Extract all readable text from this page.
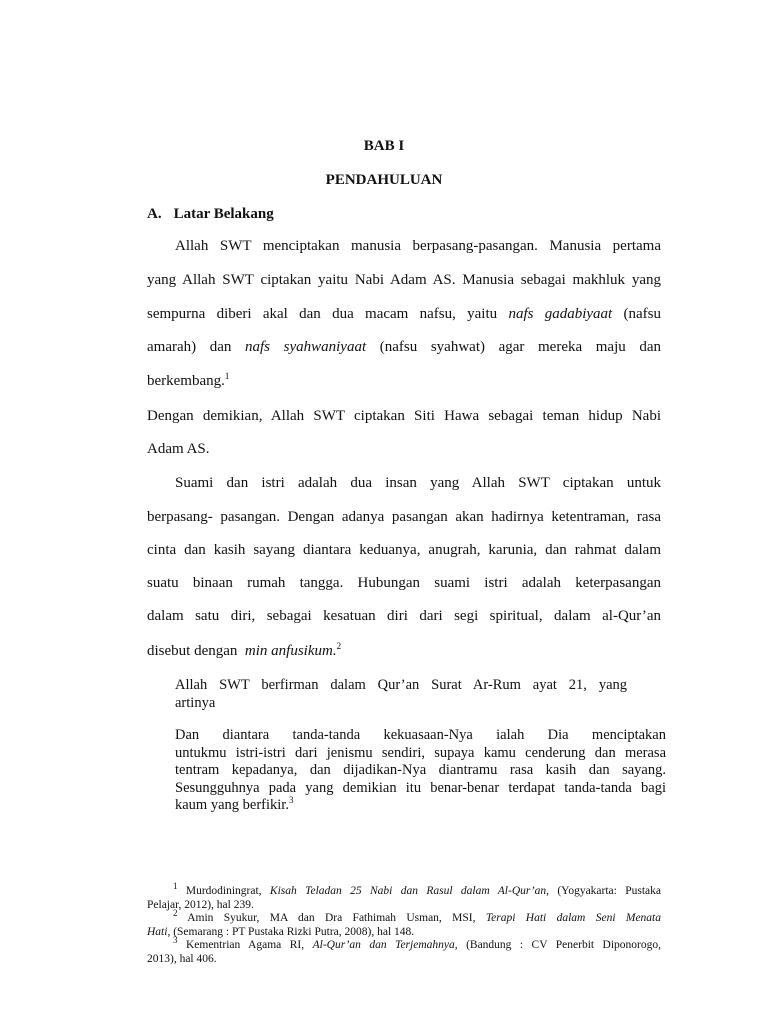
BAB I
PENDAHULUAN
A. Latar Belakang
Allah SWT menciptakan manusia berpasang-pasangan. Manusia pertama
yang Allah SWT ciptakan yaitu Nabi Adam AS. Manusia sebagai makhluk yang
sempurna diberi akal dan dua macam nafsu, yaitu nafs gadabiyaat (nafsu
amarah) dan nafs syahwaniyaat (nafsu syahwat) agar mereka maju dan
berkembang.$^1$
Dengan demikian, Allah SWT ciptakan Siti Hawa sebagai teman hidup Nabi
Adam AS.
Suami dan istri adalah dua insan yang Allah SWT ciptakan untuk
berpasang- pasangan. Dengan adanya pasangan akan hadirnya ketentraman, rasa
cinta dan kasih sayang diantara keduanya, anugrah, karunia, dan rahmat dalam
suatu binaan rumah tangga. Hubungan suami istri adalah keterpasangan
dalam satu diri, sebagai kesatuan diri dari segi spiritual, dalam al-Qur’an
disebut dengan min anfusikum.$^2$
Allah SWT berfirman dalam Qur’an Surat Ar-Rum ayat 21, yang
artinya
Dan diantara tanda-tanda kekuasaan-Nya ialah Dia menciptakan
untukmu istri-istri dari jenismu sendiri, supaya kamu cenderung dan merasa
tentram kepadanya, dan dijadikan-Nya diantramu rasa kasih dan sayang.
Sesungguhnya pada yang demikian itu benar-benar terdapat tanda-tanda bagi
kaum yang berfikir.$^3$
$^1$ Murdodiningrat, Kisah Teladan 25 Nabi dan Rasul dalam Al-Qur’an, (Yogyakarta: Pustaka
Pelajar, 2012), hal 239.
$^2$ Amin Syukur, MA dan Dra Fathimah Usman, MSI, Terapi Hati dalam Seni Menata
Hati, (Semarang : PT Pustaka Rizki Putra, 2008), hal 148.
$^3$ Kementrian Agama RI, Al-Qur’an dan Terjemahnya, (Bandung : CV Penerbit Diponorogo,
2013), hal 406.
